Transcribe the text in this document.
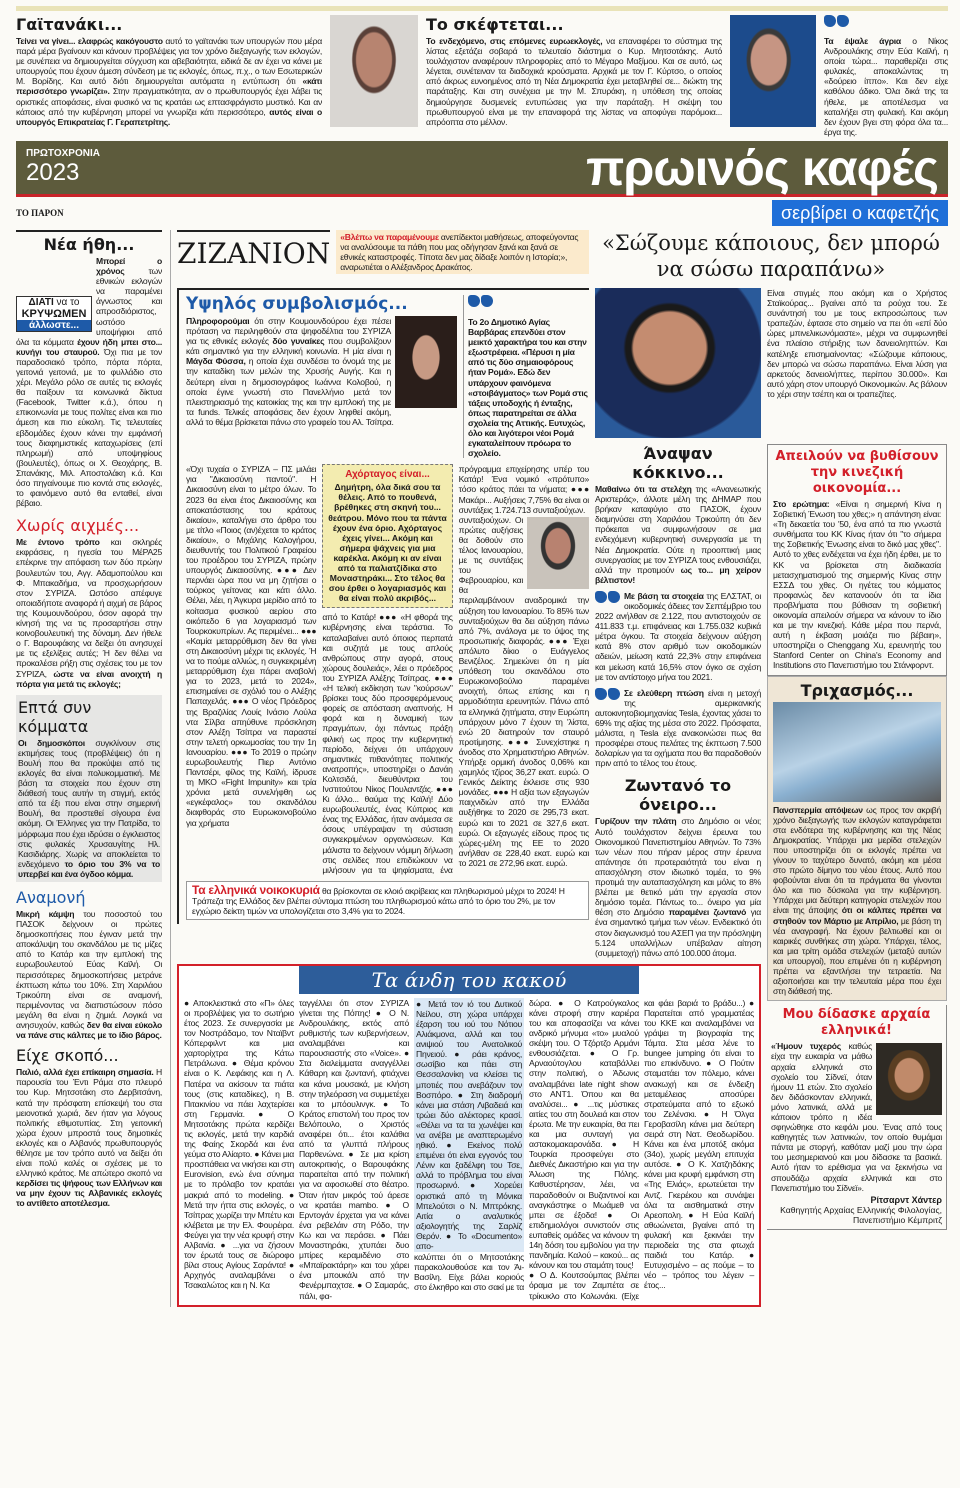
Γαϊτανάκι...

Τείνει να γίνει... ελαφρώς κακόγουστο αυτό το γαϊτανάκι των υπουργών που μέρα παρά μέρα βγαίνουν και κάνουν προβλέψεις για τον χρόνο διεξαγωγής των εκλογών, με συνέπεια να δημιουργείται σύγχυση και αβεβαιότητα, ειδικά δε αν έχει να κάνει με υπουργούς που έχουν άμεση σύνδεση με τις εκλογές, όπως, π.χ., ο των Εσωτερικών Μ. Βορίδης. Και αυτό διότι δημιουργείται αυτόματα η εντύπωση ότι «κάτι περισσότερο γνωρίζει». Στην πραγματικότητα, αν ο πρωθυπουργός έχει λάβει τις οριστικές αποφάσεις, είναι φυσικό να τις κρατάει ως επτασφράγιστο μυστικό. Και αν κάποιος από την κυβέρνηση μπορεί να γνωρίζει κάτι περισσότερο, αυτός είναι ο υπουργός Επικρατείας Γ. Γεραπετρίτης.

Το σκέφτεται...

Το ενδεχόμενο, στις επόμενες ευρωεκλογές, να επαναφέρει το σύστημα της λίστας εξετάζει σοβαρά το τελευταίο διάστημα ο Κυρ. Μητσοτάκης. Αυτό τουλάχιστον αναφέρουν πληροφορίες από το Μέγαρο Μαξίμου. Και σε αυτό, ως λέγεται, συνέτειναν τα διαδοχικά κρούσματα. Αρχικά με τον Γ. Κύρτσο, ο οποίος από άκρως ευνοημένος από τη Νέα Δημοκρατία έχει μεταβληθεί σε... διώκτη της παράταξης. Και στη συνέχεια με την Μ. Σπυράκη, η υπόθεση της οποίας δημιούργησε δυσμενείς εντυπώσεις για την παράταξη. Η σκέψη του πρωθυπουργού είναι με την επαναφορά της λίστας να αποφύγει παρόμοια... απρόοπτα στο μέλλον.

Τα έψαλε άγρια ο Νίκος Ανδρουλάκης στην Εύα Καϊλή, η οποία τώρα... παραθερίζει στις φυλακές, αποκαλώντας τη «δούρειο ίππο». Και δεν είχε καθόλου άδικο. Όλα δικά της τα ήθελε, με αποτέλεσμα να καταλήξει στη φυλακή. Και ακόμη δεν έχουν βγει στη φόρα όλα τα... έργα της.

ΠΡΩΤΟΧΡΟΝΙΑ
2023	πρωινός καφές
ΤΟ ΠΑΡΟΝ	σερβίρει ο καφετζής
Νέα ήθη...
ΔΙΑΤΙ να το
ΚΡΥΨΩΜΕΝ
άλλωστε...

Μπορεί ο χρόνος των εθνικών εκλογών να παραμένει άγνωστος και απροσδιόριστος, ωστόσο υποψήφιοι από όλα τα κόμματα έχουν ήδη μπει στο... κυνήγι του σταυρού. Όχι πια με τον παραδοσιακό τρόπο, πόρτα πόρτα, γειτονιά γειτονιά, με το φυλλάδιο στο χέρι. Μεγάλο ρόλο σε αυτές τις εκλογές θα παίξουν τα κοινωνικά δίκτυα (Facebook, Twitter κ.ά.), όπου η επικοινωνία με τους πολίτες είναι και πιο άμεση και πιο εύκολη. Τις τελευταίες εβδομάδες έχουν κάνει την εμφάνισή τους διαφημιστικές καταχωρίσεις (επί πληρωμή) από υποψηφίους (βουλευτές), όπως οι Χ. Θεοχάρης, Β. Σπανάκης, Μιλ. Αποστολάκη κ.ά. Και όσο πηγαίνουμε πιο κοντά στις εκλογές, το φαινόμενο αυτό θα ενταθεί, είναι βέβαιο.

Χωρίς αιχμές...

Με έντονο τρόπο και σκληρές εκφράσεις, η ηγεσία του ΜέΡΑ25 επέκρινε την απόφαση των δύο πρώην βουλευτών του, Αγγ. Αδαμοπούλου και Φ. Μπακαδήμα, να προσχωρήσουν στον ΣΥΡΙΖΑ. Ωστόσο απέφυγε οποιαδήποτε αναφορά ή αιχμή σε βάρος της Κουμουνδούρου, όσον αφορά την κίνησή της να τις προσαρτήσει στην κοινοβουλευτική της δύναμη. Δεν ήθελε ο Γ. Βαρουφάκης να δείξει ότι ανησυχεί με τις εξελίξεις αυτές; Ή δεν θέλει να προκαλέσει ρήξη στις σχέσεις του με τον ΣΥΡΙΖΑ, ώστε να είναι ανοιχτή η πόρτα για μετά τις εκλογές;

Επτά συν κόμματα

Οι δημοσκόποι συγκλίνουν στις εκτιμήσεις τους (προβλέψεις) ότι η Βουλή που θα προκύψει από τις εκλογές θα είναι πολυκομματική. Με βάση τα στοιχεία που έχουν στη διάθεσή τους αυτήν τη στιγμή, εκτός από τα έξι που είναι στην σημερινή Βουλή, θα προστεθεί σίγουρα ένα ακόμη. Οι Έλληνες για την Πατρίδα, το μόρφωμα που έχει ιδρύσει ο έγκλειστος στις φυλακές Χρυσαυγίτης Ηλ. Κασιδιάρης. Χωρίς να αποκλείεται το ενδεχόμενο το όριο του 3% να το υπερβεί και ένα όγδοο κόμμα.

Αναμονή

Μικρή κάμψη του ποσοστού του ΠΑΣΟΚ δείχνουν οι πρώτες δημοσκοπήσεις που έγιναν μετά την αποκάλυψη του σκανδάλου με τις μίζες από το Κατάρ και την εμπλοκή της ευρωβουλευτού Εύας Καϊλή. Οι περισσότερες δημοσκοπήσεις μετράνε έκπτωση κάτω του 10%. Στη Χαριλάου Τρικούπη είναι σε αναμονή, περιμένοντας να διαπιστώσουν πόσο μεγάλη θα είναι η ζημιά. Λογικά να ανησυχούν, καθώς δεν θα είναι εύκολο να πάνε στις κάλπες με το ίδιο βάρος.

Είχε σκοπό...

Παλιό, αλλά έχει επίκαιρη σημασία. Η παρουσία του Έντι Ράμα στο πλευρό του Κυρ. Μητσοτάκη στο Δερβιτσάνη, κατά την πρόσφατη επίσκεψή του στα μειονοτικά χωριά, δεν ήταν για λόγους πολιτικής εθιμοτυπίας. Στη γειτονική χώρα έχουν μπροστά τους δημοτικές εκλογές και ο Αλβανός πρωθυπουργός θέλησε με τον τρόπο αυτό να δείξει ότι είναι πολύ καλές οι σχέσεις με το ελληνικό κράτος. Με απώτερο σκοπό να κερδίσει τις ψήφους των Ελλήνων και να μην έχουν τις Αλβανικές εκλογές το αντίθετο αποτέλεσμα.

ΖΙΖΑΝΙΟΝ «Βλέπω να παραμένουμε ανεπίδεκτοι μαθήσεως, αποφεύγοντας να αναλύσουμε τα πάθη που μας οδήγησαν ξανά και ξανά σε εθνικές καταστροφές. Τίποτα δεν μας δίδαξε λοιπόν η Ιστορία;», αναρωτιέται ο Αλέξανδρος Δρακάτος.

«Σώζουμε κάποιους, δεν μπορώ να σώσω παραπάνω»
Υψηλός συμβολισμός...

Πληροφορούμαι ότι στην Κουμουνδούρου έχει πέσει πρόταση να περιληφθούν στα ψηφοδέλτια του ΣΥΡΙΖΑ για τις εθνικές εκλογές δύο γυναίκες που συμβολίζουν κάτι σημαντικό για την ελληνική κοινωνία. Η μία είναι η Μάγδα Φύσσα, η οποία έχει συνδέσει το όνομά της με την καταδίκη των μελών της Χρυσής Αυγής. Και η δεύτερη είναι η δημοσιογράφος Ιωάννα Κολοβού, η οποία έγινε γνωστή στο Πανελλήνιο μετά τον πλειστηριασμό της κατοικίας της και την εμπλοκή της με τα funds. Τελικές αποφάσεις δεν έχουν ληφθεί ακόμη, αλλά το θέμα βρίσκεται πάνω στο γραφείο του Αλ. Τσίπρα.

Το 2ο Δημοτικό Αγίας Βαρβάρας επενδύει στον μεικτό χαρακτήρα του και στην εξωστρέφεια. «Πέρυσι η μία από τις δύο σημαιοφόρους ήταν Ρομά». Εδώ δεν υπάρχουν φαινόμενα «στοιβάγματος» των Ρομά στις τάξεις υποδοχής ή ένταξης, όπως παρατηρείται σε άλλα σχολεία της Αττικής. Ευτυχώς, όλο και λιγότεροι νέοι Ρομά εγκαταλείπουν πρόωρα το σχολείο.

«Όχι τυχαία ο ΣΥΡΙΖΑ – ΠΣ μιλάει για "Δικαιοσύνη παντού". Η Δικαιοσύνη είναι το μέτρο όλων. Το 2023 θα είναι έτος Δικαιοσύνης και αποκατάστασης του κράτους δικαίου», καταλήγει στο άρθρο του με τίτλο «Ποιος (αν)έχεται το κράτος δικαίου», ο Μιχάλης Καλογήρου, διευθυντής του Πολιτικού Γραφείου του προέδρου του ΣΥΡΙΖΑ, πρώην υπουργός Δικαιοσύνης. ●●● Δεν περνάει ώρα που να μη ζητήσει ο τούρκος γείτονας και κάτι άλλο. Θέλει, λέει, η Άγκυρα μερίδιο από το κοίτασμα φυσικού αερίου στο οικόπεδο 6 για λογαριασμό των Τουρκοκυπρίων. Ας περιμένει... ●●● «Καμία μεταρρύθμιση δεν θα γίνει στη Δικαιοσύνη μέχρι τις εκλογές. Ή να το πούμε αλλιώς, η συγκεκριμένη μεταρρύθμιση έχει πάρει αναβολή για το 2023, μετά το 2024», επισημαίνει σε σχόλιό του ο Αλέξης Παπαχελάς. ●●● Ο νέος Πρόεδρος της Βραζιλίας Λουίς Ινάσιο Λούλα ντα Σίλβα απηύθυνε πρόσκληση στον Αλέξη Τσίπρα να παραστεί στην τελετή ορκωμοσίας του την 1η Ιανουαρίου. ●●● Το 2019 ο πρώην ευρωβουλευτής Πιερ Αντόνιο Παντσέρι, φίλος της Καϊλή, ίδρυσε τη ΜΚΟ «Fight Impunity» και τρία χρόνια μετά συνελήφθη ως «εγκέφαλος» του σκανδάλου διαφθοράς στο Ευρωκοινοβούλιο για χρήματα

Αχόρταγος είναι...
Δημήτρη, όλα δικά σου τα θέλεις. Από το πουθενά, βρέθηκες στη σκηνή του... θεάτρου. Μόνο που τα πάντα έχουν ένα όριο. Αχόρταγος έχεις γίνει... Ακόμη και σήμερα ψάχνεις για μια καρέκλα. Ακόμη κι αν είναι από τα παλιατζίδικα στο Μοναστηράκι... Στο τέλος θα σου έρθει ο λογαριασμός και θα είναι πολύ ακριβός...

από το Κατάρ! ●●● «Η φθορά της κυβέρνησης είναι τεράστια. Το καταλαβαίνει αυτό όποιος περπατά και συζητά με τους απλούς ανθρώπους στην αγορά, στους χώρους δουλειάς», λέει ο πρόεδρος του ΣΥΡΙΖΑ Αλέξης Τσίπρας. ●●● «Η τελική εκδίκηση των "κούρσων" βρίσκει τους δύο προσφερόμενους φορείς σε απόσταση αναπνοής. Η φορά και η δυναμική των πραγμάτων, όχι πάντως πράξη φιλική ως προς την κυβερνητική περίοδο, δείχνει ότι υπάρχουν σημαντικές πιθανότητες πολιτικής ανατροπής», υποστηρίζει ο Δανάη Κολτσιδά, διευθύντρια του Ινστιτούτου Νίκος Πουλαντζάς. ●●● Κι άλλο... θαύμα της Καϊλή! Δύο ευρωβουλευτές, ένας Κύπριος και ένας της Ελλάδας, ήταν ανάμεσα σε όσους υπέγραψαν τη σύσταση συγκεκριμένων οργανώσεων. Και μάλιστα το δείχνουν νόμιμη δήλωση στις σελίδες που επιδιώκουν να μιλήσουν για τα ψηφίσματα, ένα πρόγραμμα επιχείρησης υπέρ του Κατάρ! Ένα νομικό «πρότυπο» τόσο κράτος πάει τα νήματα; ●●● Μακάρι... Αυξήσεις 7,75% θα είναι οι συντάξεις 1.724.713 συνταξιούχων.

συνταξιούχων. Οι πρώτες αυξήσεις θα δοθούν στο τέλος Ιανουαρίου, με τις συντάξεις του Φεβρουαρίου, και θα περιλαμβάνουν αναδρομικά την αύξηση του Ιανουαρίου. Το 85% των συνταξιούχων θα δει αύξηση πάνω από 7%, ανάλογα με το ύψος της προσωπικής διαφοράς. ●●● Έχει απόλυτο δίκιο ο Ευάγγελος Βενιζέλος. Σημειώνει ότι η μία υπόθεση του σκανδάλου στο Ευρωκοινοβούλιο παραμένει ανοιχτή, όπως επίσης και η αρμοδιότητα ερευνητών. Πάνω από τα ελληνικά ζητήματα, στην Ευρώπη υπάρχουν μόνο 7 έχουν τη 'λίστα, ενώ 20 διατηρούν τον σταυρό προτίμησης. ●●● Συνεχίστηκε η άνοδος στο Χρηματιστήριο Αθηνών. Υπήρξε ορμική άνοδος 0,06% και χαμηλός τζίρος 36,27 εκατ. ευρώ. Ο Γενικός Δείκτης έκλεισε στις 930 μονάδες. ●●● Η αξία των εξαγωγών παιχνιδιών από την Ελλάδα αυξήθηκε το 2020 σε 295,73 εκατ. ευρώ και το 2021 σε 327,6 εκατ. ευρώ. Οι εξαγωγές είδους προς τις χώρες-μέλη της ΕΕ το 2020 ανήλθαν σε 228,40 εκατ. ευρώ και το 2021 σε 272,96 εκατ. ευρώ.

Τα ελληνικά νοικοκυριά θα βρίσκονται σε κλοιό ακρίβειας και πληθωρισμού μέχρι το 2024! Η Τράπεζα της Ελλάδος δεν βλέπει σύντομα πτώση του πληθωρισμού κάτω από το όριο του 2%, με τον εγχώριο δείκτη τιμών να υπολογίζεται στο 3,4% για το 2024.

Είναι στιγμές που ακόμη και ο Χρήστος Σταϊκούρας... βγαίνει από τα ρούχα του. Σε συνάντησή του με τους εκπροσώπους των τραπεζών, έφτασε στο σημείο να πει ότι «επί δύο ώρες μπινελικωνόμαστε», μέχρι να συμφωνηθεί ένα πλαίσιο στήριξης των δανειοληπτών. Και κατέληξε επισημαίνοντας: «Σώζουμε κάποιους, δεν μπορώ να σώσω παραπάνω. Είναι λύση για αρκετούς δανειολήπτες, περίπου 30.000». Και αυτό χάρη στον υπουργό Οικονομικών. Ας βάλουν το χέρι στην τσέπη και οι τραπεζίτες.

Άναψαν κόκκινο...

Μαθαίνω ότι τα στελέχη της «Ανανεωτικής Αριστεράς», άλλοτε μέλη της ΔΗΜΑΡ που βρήκαν καταφύγιο στο ΠΑΣΟΚ, έχουν διαμηνύσει στη Χαριλάου Τρικούπη ότι δεν πρόκειται να συμφωνήσουν σε μια ενδεχόμενη κυβερνητική συνεργασία με τη Νέα Δημοκρατία. Ούτε η προοπτική μιας συνεργασίας με τον ΣΥΡΙΖΑ τους ενθουσιάζει, αλλά την προτιμούν ως το... μη χείρον βέλτιστον!

Με βάση τα στοιχεία της ΕΛΣΤΑΤ, οι οικοδομικές άδειες τον Σεπτέμβριο του 2022 ανήλθαν σε 2.122, που αντιστοιχούν σε 411.833 τ.μ. επιφάνειας και 1.755.032 κυβικά μέτρα όγκου. Τα στοιχεία δείχνουν αύξηση κατά 8% στον αριθμό των οικοδομικών αδειών, μείωση κατά 22,3% στην επιφάνεια και μείωση κατά 16,5% στον όγκο σε σχέση με τον αντίστοιχο μήνα του 2021.

Σε ελεύθερη πτώση είναι η μετοχή της αμερικανικής αυτοκινητοβιομηχανίας Tesla, έχοντας χάσει το 69% της αξίας της μέσα στο 2022. Πρόσφατα, μάλιστα, η Tesla είχε ανακοινώσει πως θα προσφέρει στους πελάτες της έκπτωση 7.500 δολαρίων για τα οχήματα που θα παραδοθούν πριν από το τέλος του έτους.

Ζωντανό το όνειρο...

Γυρίζουν την πλάτη στο Δημόσιο οι νέοι; Αυτό τουλάχιστον δείχνει έρευνα του Οικονομικού Πανεπιστημίου Αθηνών. Το 73% των νέων που πήραν μέρος στην έρευνα απάντησε ότι προτεραιότητά του είναι η απασχόληση στον ιδιωτικό τομέα, το 9% προτιμά την αυταπασχόληση και μόλις το 8% βλέπει με θετικό μάτι την εργασία στον δημόσιο τομέα. Πάντως το... όνειρο για μία θέση στο Δημόσιο παραμένει ζωντανό για ένα σημαντικό τμήμα των νέων. Ενδεικτικό ότι στον διαγωνισμό του ΑΣΕΠ για την πρόσληψη 5.124 υπαλλήλων υπέβαλαν αίτηση (συμμετοχή) πάνω από 100.000 άτομα.

Απειλούν να βυθίσουν την κινεζική οικονομία...

Στο ερώτημα: «Είναι η σημερινή Κίνα η Σοβιετική Ένωση του χθες;» η απάντηση είναι: «Τη δεκαετία του '50, ένα από τα πιο γνωστά συνθήματα του ΚΚ Κίνας ήταν ότι "το σήμερα της Σοβιετικής Ένωσης είναι το δικό μας χθες". Αυτό το χθες ενδέχεται να έχει ήδη έρθει, με το ΚΚ να βρίσκεται στη διαδικασία μετασχηματισμού της σημερινής Κίνας στην ΕΣΣΔ του χθες. Οι ηγέτες του κόμματος προφανώς δεν κατανοούν ότι τα ίδια προβλήματα που βύθισαν τη σοβιετική οικονομία απειλούν σήμερα να κάνουν το ίδιο και με την κινεζική. Κάθε μέρα που περνά, αυτή η έκβαση μοιάζει πιο βέβαιη», υποστηρίζει ο Chenggang Xu, ερευνητής του Stanford Center on China's Economy and Institutions στο Πανεπιστήμιο του Στάνφορντ.

Τριχασμός...

Πανσπερμία απόψεων ως προς τον ακριβή χρόνο διεξαγωγής των εκλογών καταγράφεται στα ενδότερα της κυβέρνησης και της Νέας Δημοκρατίας. Υπάρχει μια μερίδα στελεχών που υποστηρίζει ότι οι εκλογές πρέπει να γίνουν το ταχύτερο δυνατό, ακόμη και μέσα στο πρώτο δίμηνο του νέου έτους. Αυτό που φοβούνται είναι ότι τα πράγματα θα γίνονται όλο και πιο δύσκολα για την κυβέρνηση. Υπάρχει μια δεύτερη κατηγορία στελεχών που είναι της άποψης ότι οι κάλπες πρέπει να στηθούν τον Μάρτιο με Απρίλιο, με βάση τη νέα αναγραφή. Να έχουν βελτιωθεί και οι καιρικές συνθήκες στη χώρα. Υπάρχει, τέλος, και μια τρίτη ομάδα στελεχών (μεταξύ αυτών και υπουργοί), που επιμένει ότι η κυβέρνηση πρέπει να εξαντλήσει την τετραετία. Να αξιοποιήσει και την τελευταία μέρα που έχει στη διάθεσή της.

Μου δίδασκε αρχαία ελληνικά!

«Ήμουν τυχερός καθώς είχα την ευκαιρία να μάθω αρχαία ελληνικά στο σχολείο του Σίδνεϊ, όταν ήμουν 11 ετών. Στο σχολείο δεν διδάσκονταν ελληνικά, μόνο λατινικά, αλλά με κάποιον τρόπο η ιδέα σφηνώθηκε στο κεφάλι μου. Ένας από τους καθηγητές των λατινικών, τον οποίο θυμάμαι πάντα με στοργή, καθόταν μαζί μου την ώρα του μεσημεριανού και μου δίδασκε τα βασικά. Αυτό ήταν το ερέθισμα για να ξεκινήσω να σπουδάζω αρχαία ελληνικά και στο Πανεπιστήμιο του Σίδνεϊ».

Ρίτσαρντ Χάντερ
Καθηγητής Αρχαίας Ελληνικής Φιλολογίας, Πανεπιστήμιο Κέμπριτζ
Τα άνδη του κακού

● Αποκλειστικά στο «Π» όλες οι προβλέψεις για το σωτήριο έτος 2023. Σε συνεργασία με τον Νοστράδαμο, τον Νταϊβντ Κόπερφιλντ και μια χαρτορίχτρα της Κάτω Πετράλωνα. ● Θέμα κρόνου είναι ο Κ. Λεφάκης και η Λ. Πατέρα να ακίσουν τα πιάτα τους (στις καταδίκες), η Β. Πιτακινίου να πάει λαχτερίσει στη Γερμανία. ● Ο Μητσοτάκης πρώτα κερδίζει τις εκλογές, μετά την καρδιά της Φαίης Σκορδά και ένα γεύμα στο Αλίαρτο. ● Κάνει μια προσπάθεια να νικήσει και στη Eurovision, ενώ ένα σύνημα με το πρόλαβο τον κρατάει μακριά από το modeling. ● Μετά την ήττα στις εκλογές, ο Τσίπρας χωρίζει την Μπέτυ και κλέβεται με την Ελ. Φουρέιρα. Φεύγει για την νέα κρυφή στην Αλβανία. ● ...για να ζήσουν τον έρωτά τους σε διώροφο βίλα στους Αγίους Σαράντα! ● Αρχηγός αναλαμβάνει ο Τσακαλώτος και η Ν. Κα

ταγγέλλει ότι στον ΣΥΡΙΖΑ γίνεται της Πόπης! ● Ο Ν. Ανδρουλάκης, εκτός από ρυθμιστής των κυβερνήσεων, αναλαμβάνει και παρουσιαστής στο «Voice». ● Στα διαλείμματα αναγγέλλει Κάθαρη και ζωντανή, φτιάχνει και κάνα μουσακά, με κλήση στην τηλεόραση να συμμετέχει και το μπόουλινγκ. ● Το Κράτος επιστολή του προς τον Βελόπουλο, ο Χριστός αναφέρει ότι... έτοι καλάθια από τα γλυπτά πλήρους Παρθενώνα. ● Σε μια κρίση αυτοκριτικής, ο Βαρουφάκης παραιτείται από την πολιτική για να αφοσιωθεί στο θέατρο. Όταν ήταν μικρός τού άρεσε να κρατάει mambo. ● Ο Ερντογάν έρχεται για να κάνει ένα ρεβελάιν στη Ρόδο, την Κω και να περάσει. ● Πάει Μοναστηράκι, χτυπάει δυο μπίρες κεραμιδένιο στο «Μπαϊρακτάρη» και του χάρει ένα μπουκάλι από την Φενέρμπαχτσε. ● Ο Σαμαράς, πάλι, φα-

● Μετά τον ιό του Δυτικού Νείλου, στη χώρα υπάρχει έξαρση του ιού του Νότιου Αλιάκμονα, αλλά και του ανιψιού του Ανατολικού Πηνειού. ● ράει κράνος, σωσίβιο και πάει στη Θεσσαλονίκη να κλείσει τις μποτιές που ανεβάζουν τον Βοσπόρο. ● Στη διαδρομή κάνει μια στάση Λιβαδειά και τρώει δύο αλέκτορες κρασί. «Θέλει να τα τα χωνέψει και να ανέβει με αναπτερωμένο ηθικό. ● Εκείνος πολύ επιμένει ότι είναι εγγονός του Λένιν και ξαδέλφη του Τσε, αλλά το πρόβλημα του είναι προσωρινό. ● Χορεύει οριστικά από τη Μόνικα Μπελούτσι ο Ν. Μπτρόκης. Αιτία ο αναλυτικός αξιολογητής της Σαρλίζ Θερόν. ● Το «Documento» απο-

καλύπτει ότι ο Μητσοτάκης παρακολουθούσε και τον Άι-Βασίλη. Είχε βάλει κοριούς στο έλκηθρο και στο σακί με τα δώρα. ● Ο Κατρούγκαλος κάνει στροφή στην καριέρα του και αποφασίζει να κάνει ανδρικό μήνυμα «το» μυαλού σκέψη του. Ο Τζόρτζο Αρμάνι ενθουσιάζεται. ● Ο Γρ. Αρναούτογλου καταβάλλει στην πολιτική, ο Άδωνις αναλαμβάνει late night show στο ANT1. Όπου και θα αναλύσει... ● ...τις μύστικες αιτίες του στη δουλειά και στον έρωτα. Με την ευκαιρία, θα πει και μια συνταγή για αστακομακαρονάδα. ● Η Τουρκία προσφεύγει στο Διεθνές Δικαστήριο και για την Άλωση της Πόλης. Καθυστέρησαν, λέει, να παραδοθούν οι Βυζαντινοί και αναγκάστηκε ο Μωάμεθ να μπει σε έξοδα! ● Οι επιδημιολόγοι συνιστούν στις ευπαθείς ομάδες να κάνουν τη 14η δόση του εμβολίου για την πανδημία. Καλού – κακού... ας κάνουν και του σταμάτη τους!

● Ο Δ. Κουτσούμπας βλέπει όραμα με τον Ζαμπέτα σε τρίκυκλο στο Κολωνάκι. (Είχε και φάει βαριά το βράδυ...) ● Παρατείται από γραμματέας του ΚΚΕ και αναλαμβάνει να γράψει τη βιογραφία της Τάμτα. Στα μέσα λένε το bungee jumping ότι είναι το πιο επικίνδυνο. ● Ο Πούτιν σταματάει τον πόλεμο, κάνει ανακωχή και σε ένδειξη μεταμέλειας αποσύρει στρατεύματα από το εξωκό του Ζελένσκι. ● Η Όλγα Γεροβασίλη κάνει μια δεύτερη σειρά στη Νατ. Θεοδωρίδου. Κάνει και ένα μποτόξ ακόμα (34ο), χωρίς μεγάλη επιτυχία αυτόσε. ● Ο Κ. Χατζηδάκης κάνει μια κρυφή εμφάνιση στη «Της Ελιάς», ερωτεύεται την Αντζ. Γκερέκου και συνάψει όλα τα αισθηματικά στην Αρεοπολη. ● Η Εύα Καϊλή αθωώνεται, βγαίνει από τη φυλακή και ξεκινάει την περιοδεία της στα φτωχά παιδιά του Κατάρ. ● Ευτυχισμένο – ας πούμε – το νέο – τρόπος του λέγειν – έτος...
